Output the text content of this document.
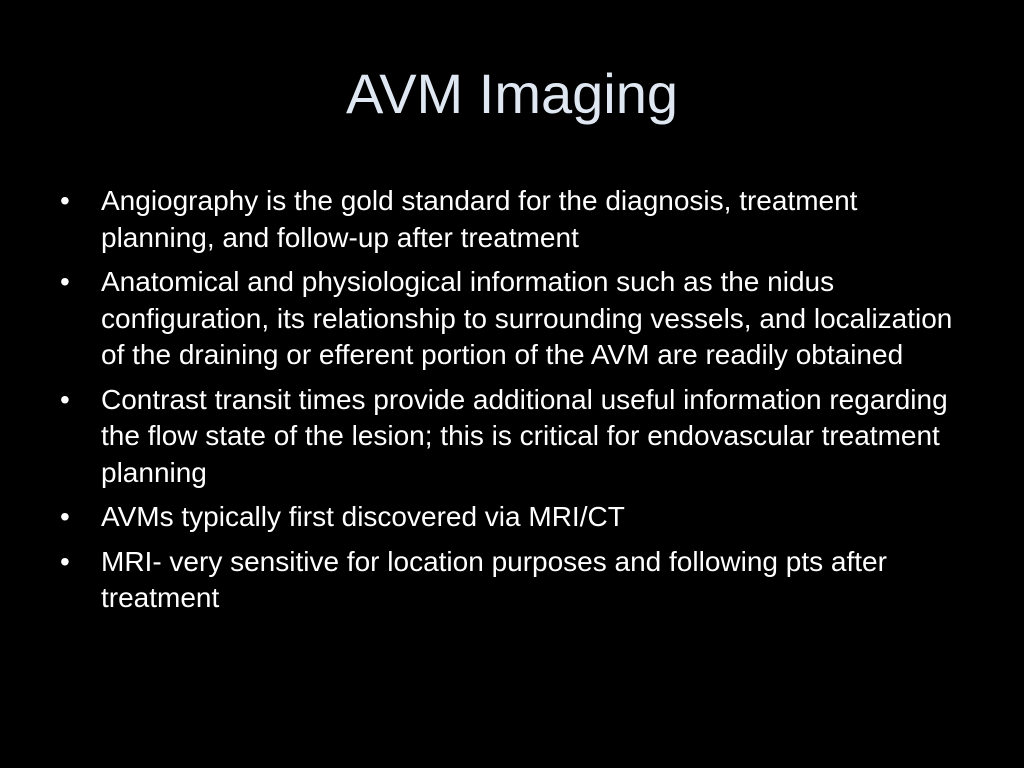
AVM Imaging
•	Angiography is the gold standard for the diagnosis, treatment planning, and follow-up after treatment
•	Anatomical and physiological information such as the nidus configuration, its relationship to surrounding vessels, and localization of the draining or efferent portion of the AVM are readily obtained
•	Contrast transit times provide additional useful information regarding the flow state of the lesion; this is critical for endovascular treatment planning
•	AVMs typically first discovered via MRI/CT
•	MRI- very sensitive for location purposes and following pts after treatment
